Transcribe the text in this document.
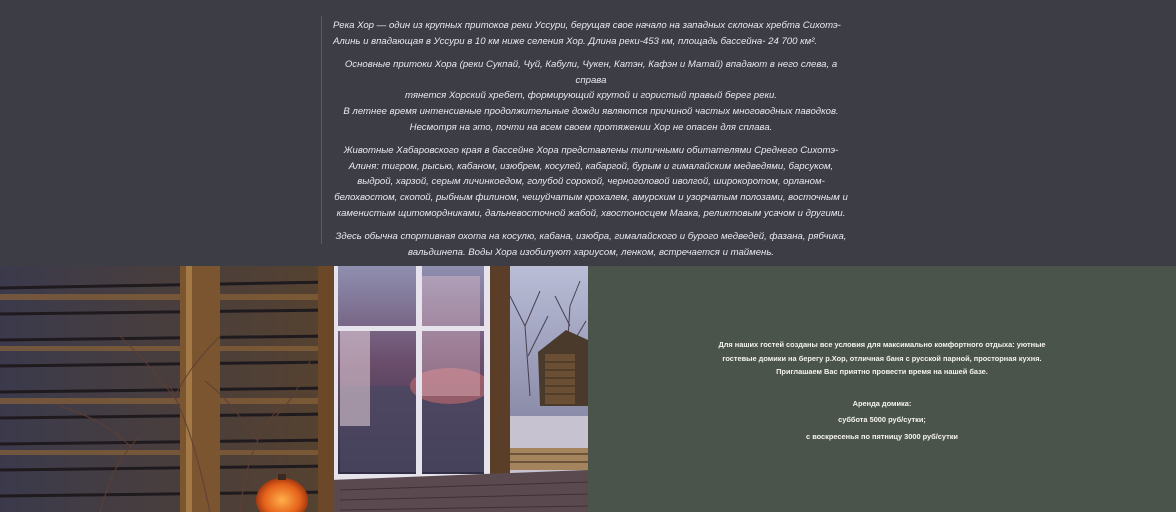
Река Хор — один из крупных притоков реки Уссури, берущая свое начало на западных склонах хребта Сихотэ-Алинь и впадающая в Уссури в 10 км ниже селения Хор. Длина реки-453 км, площадь бассейна- 24 700 км².

Основные притоки Хора (реки Сукпай, Чуй, Кабули, Чукен, Катэн, Кафэн и Матай) впадают в него слева, а справа
тянется Хорский хребет, формирующий крутой и гористый правый берег реки.
В летнее время интенсивные продолжительные дожди являются причиной частых многоводных паводков.
Несмотря на это, почти на всем своем протяжении Хор не опасен для сплава.

Животные Хабаровского края в бассейне Хора представлены типичными обитателями Среднего Сихотэ-Алиня: тигром, рысью, кабаном, изюбрем, косулей, кабаргой, бурым и гималайским медведями, барсуком, выдрой, харзой, серым личинкоедом, голубой сорокой, черноголовой иволгой, широкоротом, орланом-белохвостом, скопой, рыбным филином, чешуйчатым крохалем, амурским и узорчатым полозами, восточным и каменистым щитомордниками, дальневосточной жабой, хвостоносцем Маака, реликтовым усачом и другими.

Здесь обычна спортивная охота на косулю, кабана, изюбра, гималайского и бурого медведей, фазана, рябчика, вальдшнепа. Воды Хора изобилуют хариусом, ленком, встречается и таймень.

Для наших гостей созданы все условия для максимально комфортного отдыха: уютные
гостевые домики на берегу р.Хор, отличная баня с русской парной, просторная кухня.
Приглашаем Вас приятно провести время на нашей базе.
Аренда домика:
суббота 5000 руб/сутки;
с воскресенья по пятницу 3000 руб/сутки
